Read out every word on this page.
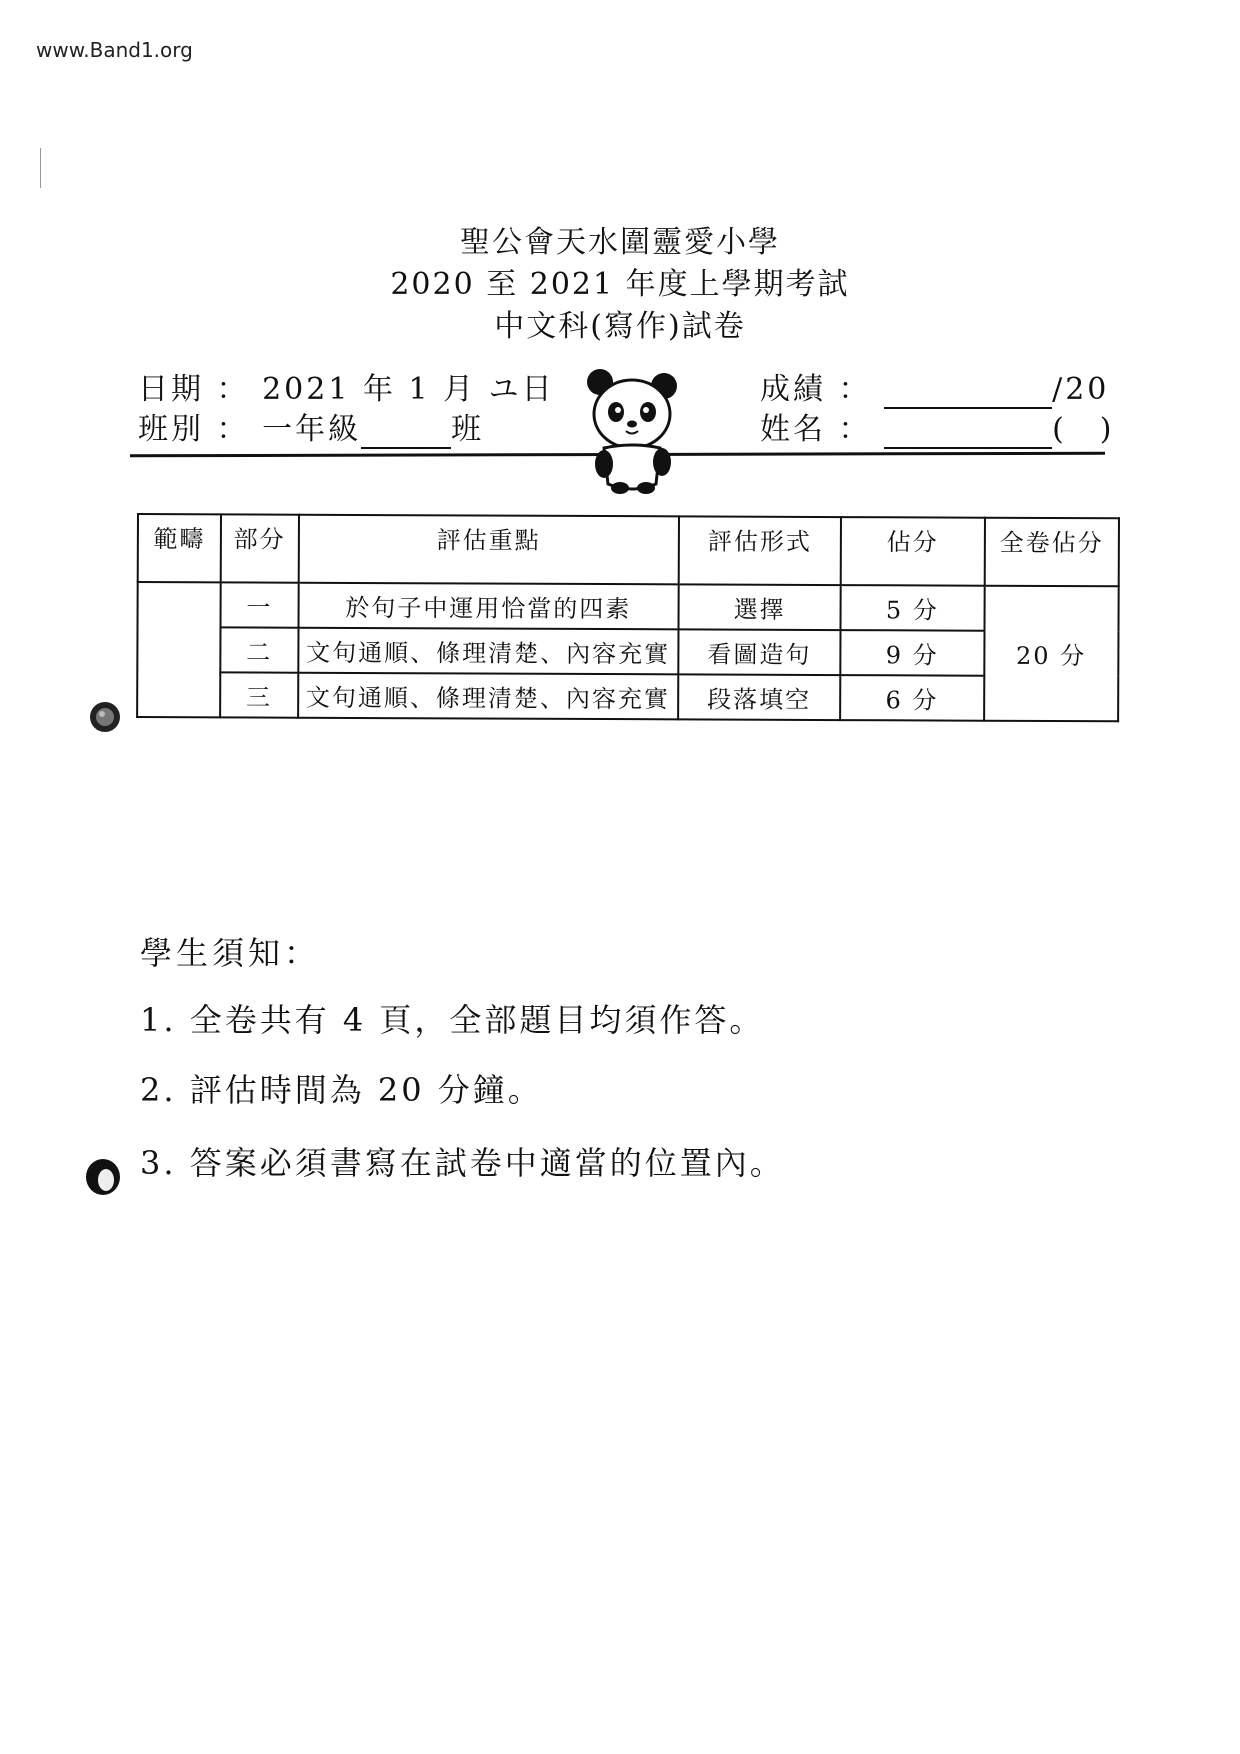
www.Band1.org
聖公會天水圍靈愛小學
2020 至 2021 年度上學期考試
中文科(寫作)試卷
日期 ： 2021 年 1 月 ユ日
班別 ： 一年級	班
成績 ：	/20
姓名 ：	(　)
範疇	部分	評估重點	評估形式	佔分	全卷佔分
	一	於句子中運用恰當的四素	選擇	5 分	20 分
	二	文句通順、條理清楚、內容充實	看圖造句	9 分	
	三	文句通順、條理清楚、內容充實	段落填空	6 分	
學生須知：
1. 全卷共有 4 頁，全部題目均須作答。
2. 評估時間為 20 分鐘。
3. 答案必須書寫在試卷中適當的位置內。
